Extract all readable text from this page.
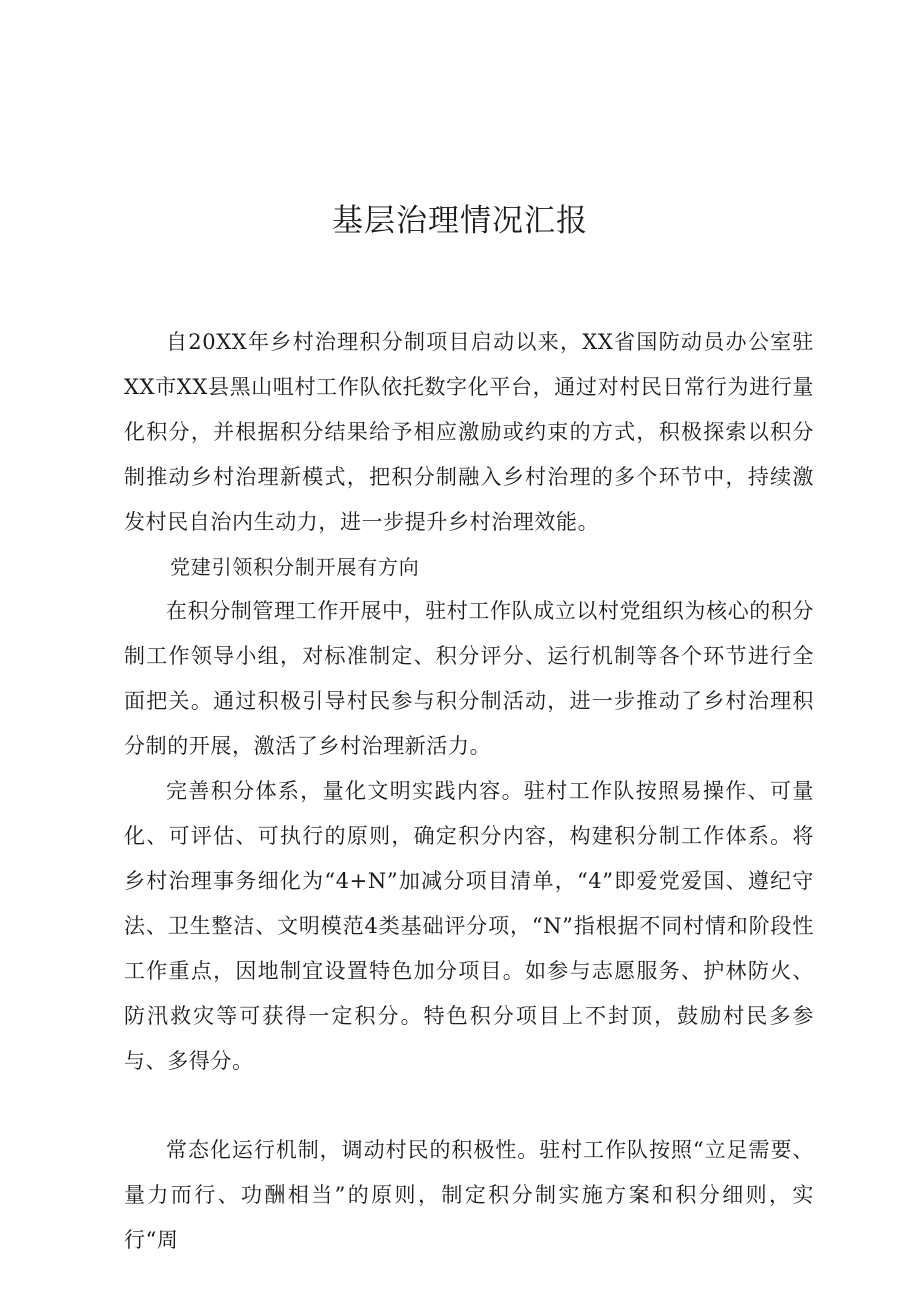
基层治理情况汇报

自20XX年乡村治理积分制项目启动以来，XX省国防动员办公室驻XX市XX县黑山咀村工作队依托数字化平台，通过对村民日常行为进行量化积分，并根据积分结果给予相应激励或约束的方式，积极探索以积分制推动乡村治理新模式，把积分制融入乡村治理的多个环节中，持续激发村民自治内生动力，进一步提升乡村治理效能。

党建引领积分制开展有方向

在积分制管理工作开展中，驻村工作队成立以村党组织为核心的积分制工作领导小组，对标准制定、积分评分、运行机制等各个环节进行全面把关。通过积极引导村民参与积分制活动，进一步推动了乡村治理积分制的开展，激活了乡村治理新活力。

完善积分体系，量化文明实践内容。驻村工作队按照易操作、可量化、可评估、可执行的原则，确定积分内容，构建积分制工作体系。将乡村治理事务细化为“4+N”加减分项目清单，“4”即爱党爱国、遵纪守法、卫生整洁、文明模范4类基础评分项，“N”指根据不同村情和阶段性工作重点，因地制宜设置特色加分项目。如参与志愿服务、护林防火、防汛救灾等可获得一定积分。特色积分项目上不封顶，鼓励村民多参与、多得分。

常态化运行机制，调动村民的积极性。驻村工作队按照“立足需要、量力而行、功酬相当”的原则，制定积分制实施方案和积分细则，实行“周
